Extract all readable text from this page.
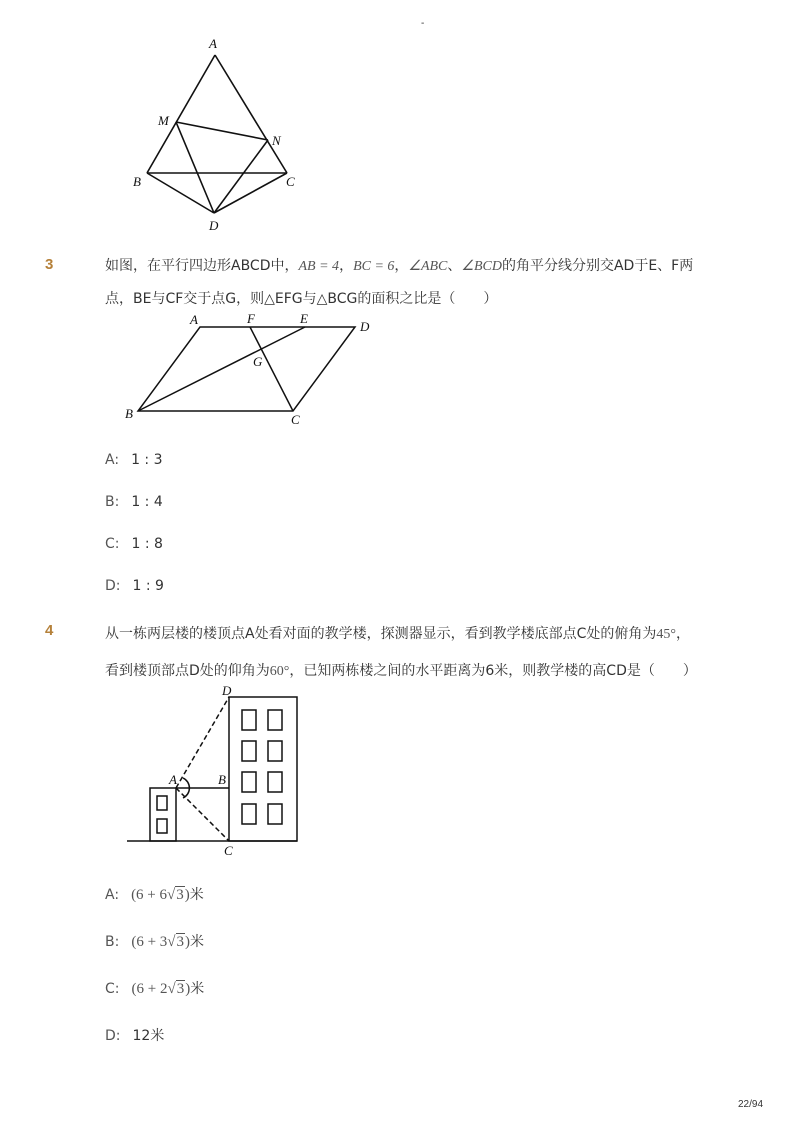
-
A
M
N
B	C
D
3	如图，在平行四边形ABCD中，AB = 4，BC = 6，∠ABC、∠BCD的角平分线分别交AD于E、F两
点，BE与CF交于点G，则△EFG与△BCG的面积之比是（　　）
A	F	E
D
G
B	C
A: 1 : 3
B: 1 : 4
C: 1 : 8
D: 1 : 9
4	从一栋两层楼的楼顶点A处看对面的教学楼，探测器显示，看到教学楼底部点C处的俯角为45°，
看到楼顶部点D处的仰角为60°，已知两栋楼之间的水平距离为6米，则教学楼的高CD是（　　）
D
A	B
C
A: (6 + 6√3)米
B: (6 + 3√3)米
C: (6 + 2√3)米
D: 12米
22/94
